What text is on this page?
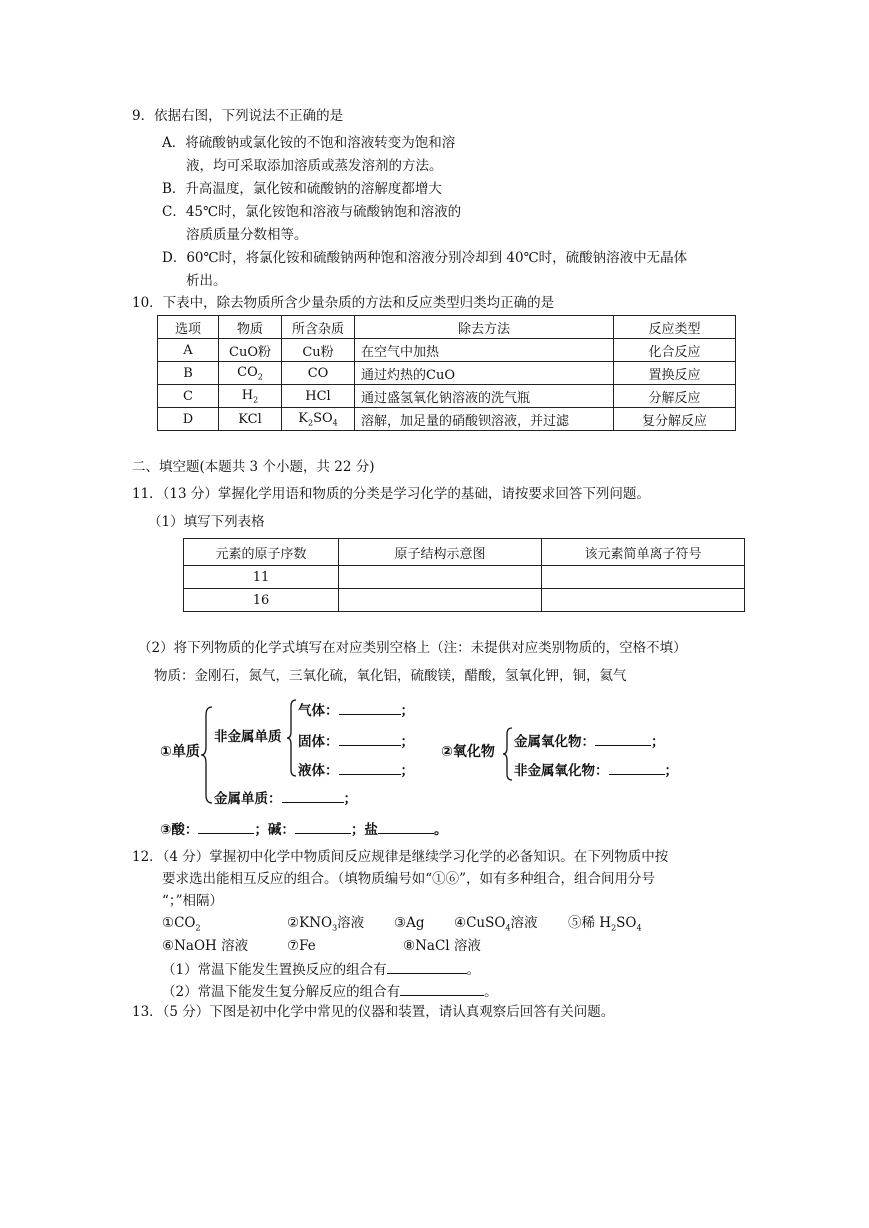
9．依据右图，下列说法不正确的是
A．将硫酸钠或氯化铵的不饱和溶液转变为饱和溶
液，均可采取添加溶质或蒸发溶剂的方法。
B．升高温度，氯化铵和硫酸钠的溶解度都增大
C．45℃时，氯化铵饱和溶液与硫酸钠饱和溶液的
溶质质量分数相等。
D．60℃时，将氯化铵和硫酸钠两种饱和溶液分别冷却到 40℃时，硫酸钠溶液中无晶体
析出。
10．下表中，除去物质所含少量杂质的方法和反应类型归类均正确的是
选项	物质	所含杂质	除去方法	反应类型
A	CuO粉	Cu粉	在空气中加热	化合反应
B	$CO_2$	CO	通过灼热的CuO	置换反应
C	$H_2$	HCl	通过盛氢氧化钠溶液的洗气瓶	分解反应
D	KCl	$K_2SO_4$	溶解，加足量的硝酸钡溶液，并过滤	复分解反应
二、填空题(本题共 3 个小题，共 22 分)
11．（13 分）掌握化学用语和物质的分类是学习化学的基础，请按要求回答下列问题。
（1）填写下列表格
元素的原子序数	原子结构示意图	该元素简单离子符号
11		
16		
（2）将下列物质的化学式填写在对应类别空格上（注：未提供对应类别物质的，空格不填）
物质：金刚石，氮气，三氧化硫，氧化铝，硫酸镁，醋酸，氢氧化钾，铜，氦气
①单质
非金属单质
气体：	；
固体：	；
液体：	；
金属单质：	；
②氧化物
金属氧化物：	；
非金属氧化物：	；
③酸：	；碱：	；盐	。
12．（4 分）掌握初中化学中物质间反应规律是继续学习化学的必备知识。在下列物质中按
要求选出能相互反应的组合。（填物质编号如“①⑥”，如有多种组合，组合间用分号
“；”相隔）
$①CO_2$	$②KNO_3$溶液 ③Ag ④CuSO$_4$溶液 ⑤稀 $H_2SO_4$
⑥NaOH 溶液	⑦Fe	⑧NaCl 溶液
（1）常温下能发生置换反应的组合有	。
（2）常温下能发生复分解反应的组合有	。
13．（5 分）下图是初中化学中常见的仪器和装置，请认真观察后回答有关问题。
